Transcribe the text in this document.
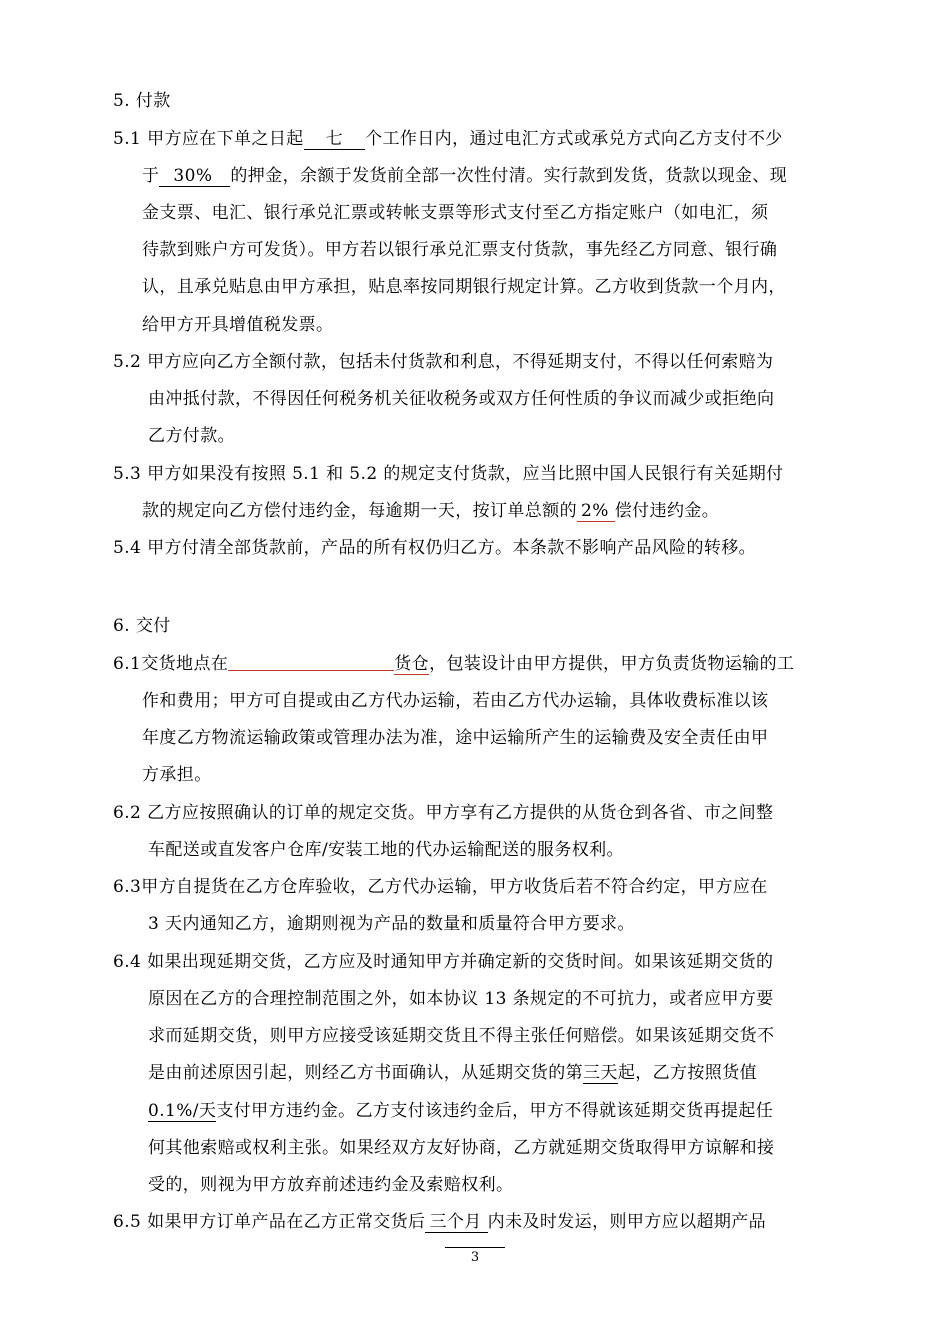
5. 付款
5.1 甲方应在下单之日起 七 个工作日内，通过电汇方式或承兑方式向乙方支付不少
于 30% 的押金，余额于发货前全部一次性付清。实行款到发货，货款以现金、现
金支票、电汇、银行承兑汇票或转帐支票等形式支付至乙方指定账户（如电汇，须
待款到账户方可发货）。甲方若以银行承兑汇票支付货款，事先经乙方同意、银行确
认，且承兑贴息由甲方承担，贴息率按同期银行规定计算。乙方收到货款一个月内，
给甲方开具增值税发票。
5.2 甲方应向乙方全额付款，包括未付货款和利息，不得延期支付，不得以任何索赔为
由冲抵付款，不得因任何税务机关征收税务或双方任何性质的争议而减少或拒绝向
乙方付款。
5.3 甲方如果没有按照 5.1 和 5.2 的规定支付货款，应当比照中国人民银行有关延期付
款的规定向乙方偿付违约金，每逾期一天，按订单总额的 2% 偿付违约金。
5.4 甲方付清全部货款前，产品的所有权仍归乙方。本条款不影响产品风险的转移。
6. 交付
6.1交货地点在	货仓，包装设计由甲方提供，甲方负责货物运输的工
作和费用；甲方可自提或由乙方代办运输，若由乙方代办运输，具体收费标准以该
年度乙方物流运输政策或管理办法为准，途中运输所产生的运输费及安全责任由甲
方承担。
6.2 乙方应按照确认的订单的规定交货。甲方享有乙方提供的从货仓到各省、市之间整
车配送或直发客户仓库/安装工地的代办运输配送的服务权利。
6.3甲方自提货在乙方仓库验收，乙方代办运输，甲方收货后若不符合约定，甲方应在
3 天内通知乙方，逾期则视为产品的数量和质量符合甲方要求。
6.4 如果出现延期交货，乙方应及时通知甲方并确定新的交货时间。如果该延期交货的
原因在乙方的合理控制范围之外，如本协议 13 条规定的不可抗力，或者应甲方要
求而延期交货，则甲方应接受该延期交货且不得主张任何赔偿。如果该延期交货不
是由前述原因引起，则经乙方书面确认，从延期交货的第三天起，乙方按照货值
0.1%/天支付甲方违约金。乙方支付该违约金后，甲方不得就该延期交货再提起任
何其他索赔或权利主张。如果经双方友好协商，乙方就延期交货取得甲方谅解和接
受的，则视为甲方放弃前述违约金及索赔权利。
6.5 如果甲方订单产品在乙方正常交货后 三个月 内未及时发运，则甲方应以超期产品
3
